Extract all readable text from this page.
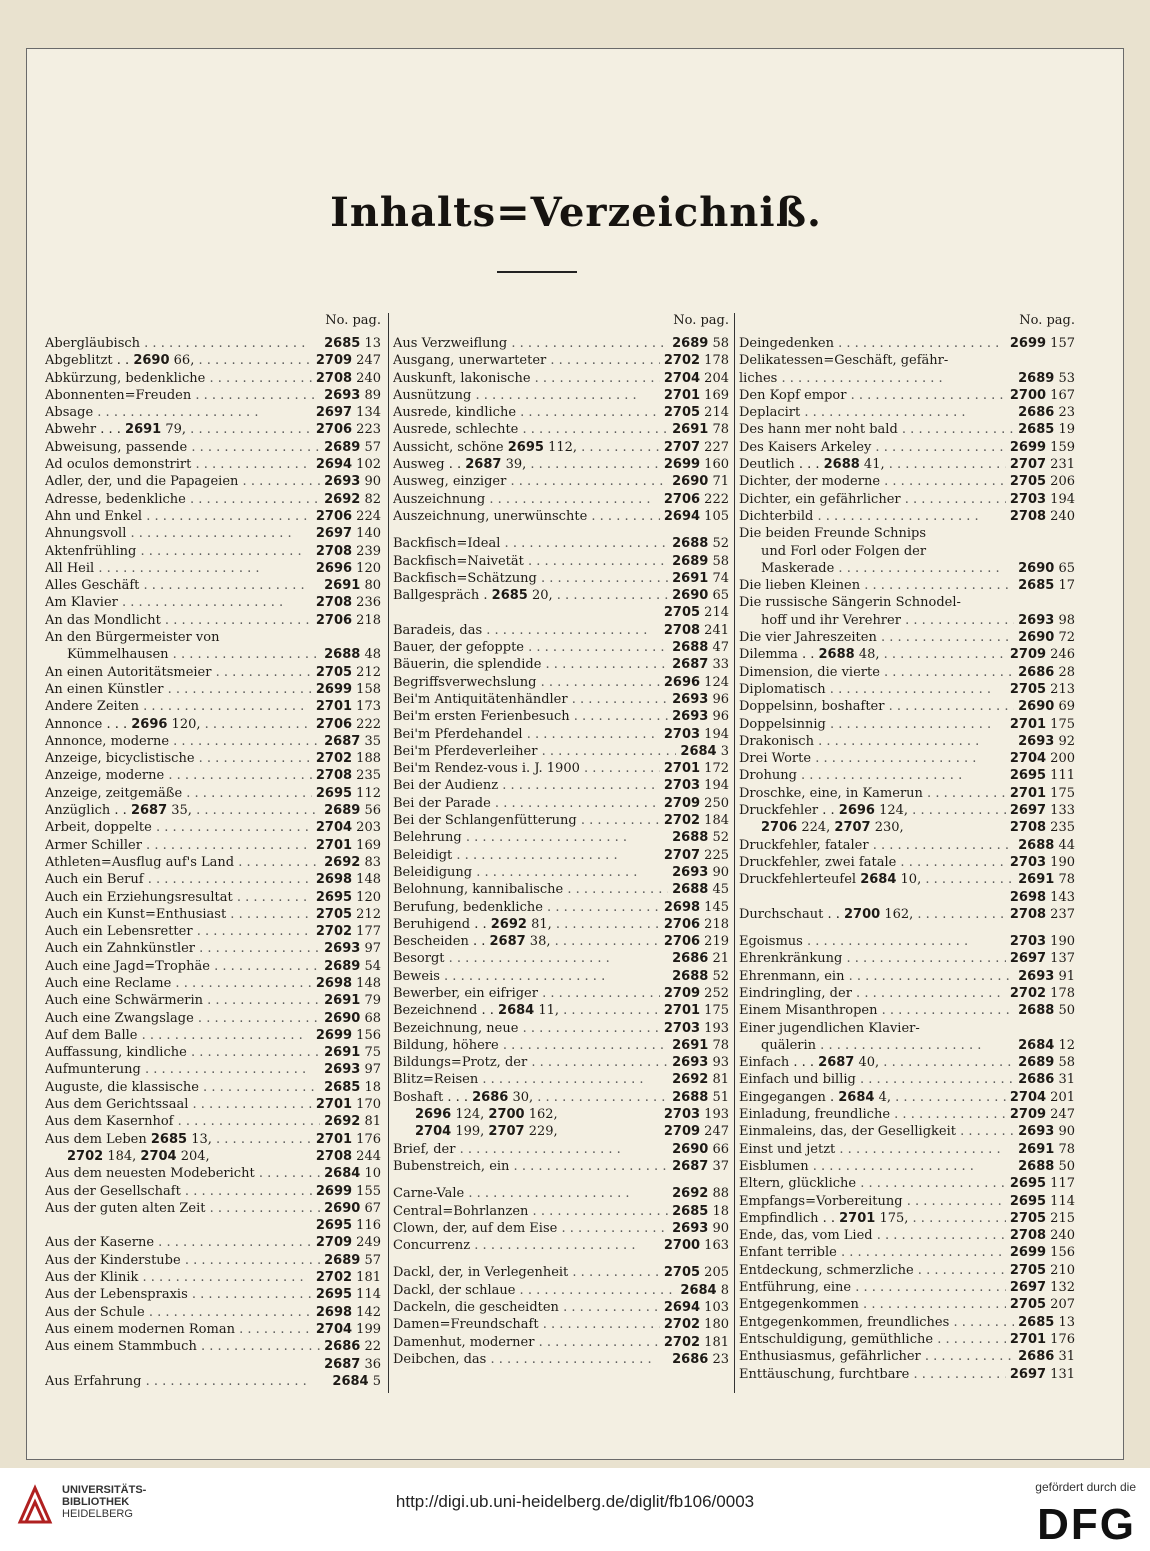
Inhalts=Verzeichniß.
No. pag.
Abergläubisch . . .	2685 13
Abgeblitzt . . 2690 66, . . .	2709 247
Abkürzung, bedenkliche . . .	2708 240
Abonnenten=Freuden . . .	2693 89
Absage . . .	2697 134
Abwehr . . . 2691 79, . . .	2706 223
Abweisung, passende . . .	2689 57
Ad oculos demonstrirt . . .	2694 102
Adler, der, und die Papageien . . .	2693 90
Adresse, bedenkliche . . .	2692 82
Ahn und Enkel . . .	2706 224
Ahnungsvoll . . .	2697 140
Aktenfrühling . . .	2708 239
All Heil . . .	2696 120
Alles Geschäft . . .	2691 80
Am Klavier . . .	2708 236
An das Mondlicht . . .	2706 218
An den Bürgermeister von
Kümmelhausen . . .	2688 48
An einen Autoritätsmeier . . .	2705 212
An einen Künstler . . .	2699 158
Andere Zeiten . . .	2701 173
Annonce . . . 2696 120, . . .	2706 222
Annonce, moderne . . .	2687 35
Anzeige, bicyclistische . . .	2702 188
Anzeige, moderne . . .	2708 235
Anzeige, zeitgemäße . . .	2695 112
Anzüglich . . 2687 35, . . .	2689 56
Arbeit, doppelte . . .	2704 203
Armer Schiller . . .	2701 169
Athleten=Ausflug auf's Land . . .	2692 83
Auch ein Beruf . . .	2698 148
Auch ein Erziehungsresultat . . .	2695 120
Auch ein Kunst=Enthusiast . . .	2705 212
Auch ein Lebensretter . . .	2702 177
Auch ein Zahnkünstler . . .	2693 97
Auch eine Jagd=Trophäe . . .	2689 54
Auch eine Reclame . . .	2698 148
Auch eine Schwärmerin . . .	2691 79
Auch eine Zwangslage . . .	2690 68
Auf dem Balle . . .	2699 156
Auffassung, kindliche . . .	2691 75
Aufmunterung . . .	2693 97
Auguste, die klassische . . .	2685 18
Aus dem Gerichtssaal . . .	2701 170
Aus dem Kasernhof . . .	2692 81
Aus dem Leben 2685 13, . . .	2701 176
2702 184, 2704 204,	2708 244
Aus dem neuesten Modebericht . . .	2684 10
Aus der Gesellschaft . . .	2699 155
Aus der guten alten Zeit . . .	2690 67
2695 116
Aus der Kaserne . . .	2709 249
Aus der Kinderstube . . .	2689 57
Aus der Klinik . . .	2702 181
Aus der Lebenspraxis . . .	2695 114
Aus der Schule . . .	2698 142
Aus einem modernen Roman . . .	2704 199
Aus einem Stammbuch . . .	2686 22
2687 36
Aus Erfahrung . . .	2684 5
No. pag.
Aus Verzweiflung . . .	2689 58
Ausgang, unerwarteter . . .	2702 178
Auskunft, lakonische . . .	2704 204
Ausnützung . . .	2701 169
Ausrede, kindliche . . .	2705 214
Ausrede, schlechte . . .	2691 78
Aussicht, schöne 2695 112, . . .	2707 227
Ausweg . . 2687 39, . . .	2699 160
Ausweg, einziger . . .	2690 71
Auszeichnung . . .	2706 222
Auszeichnung, unerwünschte . . .	2694 105
Backfisch=Ideal . . .	2688 52
Backfisch=Naivetät . . .	2689 58
Backfisch=Schätzung . . .	2691 74
Ballgespräch . 2685 20, . . .	2690 65
2705 214
Baradeis, das . . .	2708 241
Bauer, der gefoppte . . .	2688 47
Bäuerin, die splendide . . .	2687 33
Begriffsverwechslung . . .	2696 124
Bei'm Antiquitätenhändler . . .	2693 96
Bei'm ersten Ferienbesuch . . .	2693 96
Bei'm Pferdehandel . . .	2703 194
Bei'm Pferdeverleiher . . .	2684 3
Bei'm Rendez-vous i. J. 1900 . . .	2701 172
Bei der Audienz . . .	2703 194
Bei der Parade . . .	2709 250
Bei der Schlangenfütterung . . .	2702 184
Belehrung . . .	2688 52
Beleidigt . . .	2707 225
Beleidigung . . .	2693 90
Belohnung, kannibalische . . .	2688 45
Berufung, bedenkliche . . .	2698 145
Beruhigend . . 2692 81, . . .	2706 218
Bescheiden . . 2687 38, . . .	2706 219
Besorgt . . .	2686 21
Beweis . . .	2688 52
Bewerber, ein eifriger . . .	2709 252
Bezeichnend . . 2684 11, . . .	2701 175
Bezeichnung, neue . . .	2703 193
Bildung, höhere . . .	2691 78
Bildungs=Protz, der . . .	2693 93
Blitz=Reisen . . .	2692 81
Boshaft . . . 2686 30, . . .	2688 51
2696 124, 2700 162,	2703 193
2704 199, 2707 229,	2709 247
Brief, der . . .	2690 66
Bubenstreich, ein . . .	2687 37
Carne-Vale . . .	2692 88
Central=Bohrlanzen . . .	2685 18
Clown, der, auf dem Eise . . .	2693 90
Concurrenz . . .	2700 163
Dackl, der, in Verlegenheit . . .	2705 205
Dackl, der schlaue . . .	2684 8
Dackeln, die gescheidten . . .	2694 103
Damen=Freundschaft . . .	2702 180
Damenhut, moderner . . .	2702 181
Deibchen, das . . .	2686 23
No. pag.
Deingedenken . . .	2699 157
Delikatessen=Geschäft, gefähr-
liches . . .	2689 53
Den Kopf empor . . .	2700 167
Deplacirt . . .	2686 23
Des hann mer noht bald . . .	2685 19
Des Kaisers Arkeley . . .	2699 159
Deutlich . . . 2688 41, . . .	2707 231
Dichter, der moderne . . .	2705 206
Dichter, ein gefährlicher . . .	2703 194
Dichterbild . . .	2708 240
Die beiden Freunde Schnips
und Forl oder Folgen der
Maskerade . . .	2690 65
Die lieben Kleinen . . .	2685 17
Die russische Sängerin Schnodel-
hoff und ihr Verehrer . . .	2693 98
Die vier Jahreszeiten . . .	2690 72
Dilemma . . 2688 48, . . .	2709 246
Dimension, die vierte . . .	2686 28
Diplomatisch . . .	2705 213
Doppelsinn, boshafter . . .	2690 69
Doppelsinnig . . .	2701 175
Drakonisch . . .	2693 92
Drei Worte . . .	2704 200
Drohung . . .	2695 111
Droschke, eine, in Kamerun . . .	2701 175
Druckfehler . . 2696 124, . . .	2697 133
2706 224, 2707 230,	2708 235
Druckfehler, fataler . . .	2688 44
Druckfehler, zwei fatale . . .	2703 190
Druckfehlerteufel 2684 10, . . .	2691 78
2698 143
Durchschaut . . 2700 162, . . .	2708 237
Egoismus . . .	2703 190
Ehrenkränkung . . .	2697 137
Ehrenmann, ein . . .	2693 91
Eindringling, der . . .	2702 178
Einem Misanthropen . . .	2688 50
Einer jugendlichen Klavier-
quälerin . . .	2684 12
Einfach . . . 2687 40, . . .	2689 58
Einfach und billig . . .	2686 31
Eingegangen . 2684 4, . . .	2704 201
Einladung, freundliche . . .	2709 247
Einmaleins, das, der Geselligkeit . . .	2693 90
Einst und jetzt . . .	2691 78
Eisblumen . . .	2688 50
Eltern, glückliche . . .	2695 117
Empfangs=Vorbereitung . . .	2695 114
Empfindlich . . 2701 175, . . .	2705 215
Ende, das, vom Lied . . .	2708 240
Enfant terrible . . .	2699 156
Entdeckung, schmerzliche . . .	2705 210
Entführung, eine . . .	2697 132
Entgegenkommen . . .	2705 207
Entgegenkommen, freundliches . . .	2685 13
Entschuldigung, gemüthliche . . .	2701 176
Enthusiasmus, gefährlicher . . .	2686 31
Enttäuschung, furchtbare . . .	2697 131
UNIVERSITÄTS-
BIBLIOTHEK
HEIDELBERG
http://digi.ub.uni-heidelberg.de/diglit/fb106/0003
gefördert durch die
DFG
